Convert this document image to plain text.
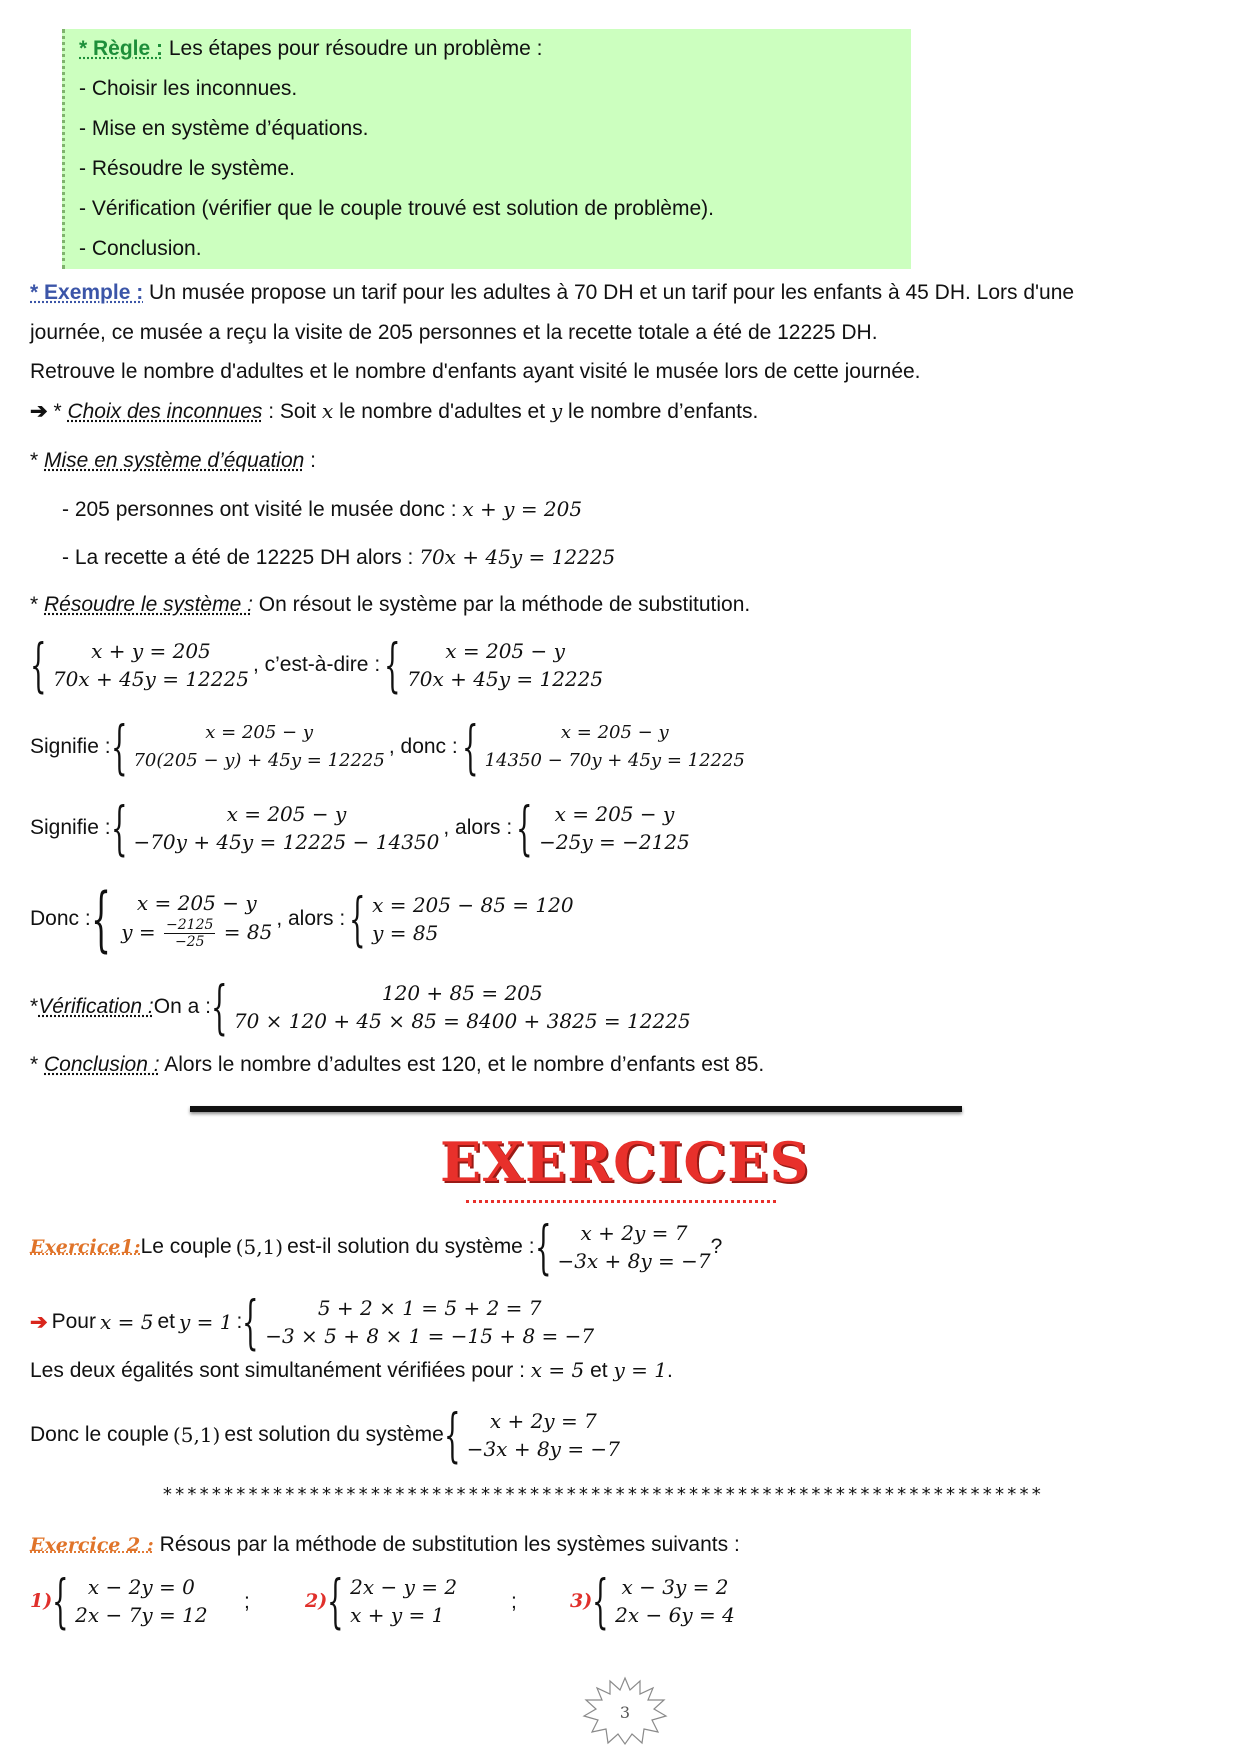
* Règle : Les étapes pour résoudre un problème :
- Choisir les inconnues.
- Mise en système d’équations.
- Résoudre le système.
- Vérification (vérifier que le couple trouvé est solution de problème).
- Conclusion.
* Exemple : Un musée propose un tarif pour les adultes à 70 DH et un tarif pour les enfants à 45 DH. Lors d'une
journée, ce musée a reçu la visite de 205 personnes et la recette totale a été de 12225 DH.
Retrouve le nombre d'adultes et le nombre d'enfants ayant visité le musée lors de cette journée.
➔ * Choix des inconnues : Soit x le nombre d'adultes et y le nombre d’enfants.
* Mise en système d’équation :
- 205 personnes ont visité le musée donc : x + y = 205
- La recette a été de 12225 DH alors : 70x + 45y = 12225
* Résoudre le système : On résout le système par la méthode de substitution.
{ x + y = 205
70x + 45y = 12225
, c’est-à-dire : { x = 205 − y
70x + 45y = 12225
Signifie : {	x = 205 − y
70(205 − y) + 45y = 12225
, donc : {	x = 205 − y
14350 − 70y + 45y = 12225
Signifie : {	x = 205 − y
−70y + 45y = 12225 − 14350
, alors : { x = 205 − y
−25y = −2125
Donc : { x = 205 − y
$y = \frac{-2125}{-25} = 85$
, alors : { x = 205 − 85 = 120
y = 85
* Vérification : On a : {	120 + 85 = 205
70 × 120 + 45 × 85 = 8400 + 3825 = 12225
* Conclusion : Alors le nombre d’adultes est 120, et le nombre d’enfants est 85.
EXERCICES
Exercice1: Le couple (5,1) est-il solution du système : { x + 2y = 7
−3x + 8y = −7
?
➔ Pour x = 5 et y = 1 : {	5 + 2 × 1 = 5 + 2 = 7
−3 × 5 + 8 × 1 = −15 + 8 = −7
Les deux égalités sont simultanément vérifiées pour : x = 5 et y = 1.
Donc le couple (5,1) est solution du système { x + 2y = 7
−3x + 8y = −7
************************************************************************
Exercice 2 : Résous par la méthode de substitution les systèmes suivants :
1) { x − 2y = 0
2x − 7y = 12
;	2) { 2x − y = 2
x + y = 1
;	3) { x − 3y = 2
2x − 6y = 4
3
